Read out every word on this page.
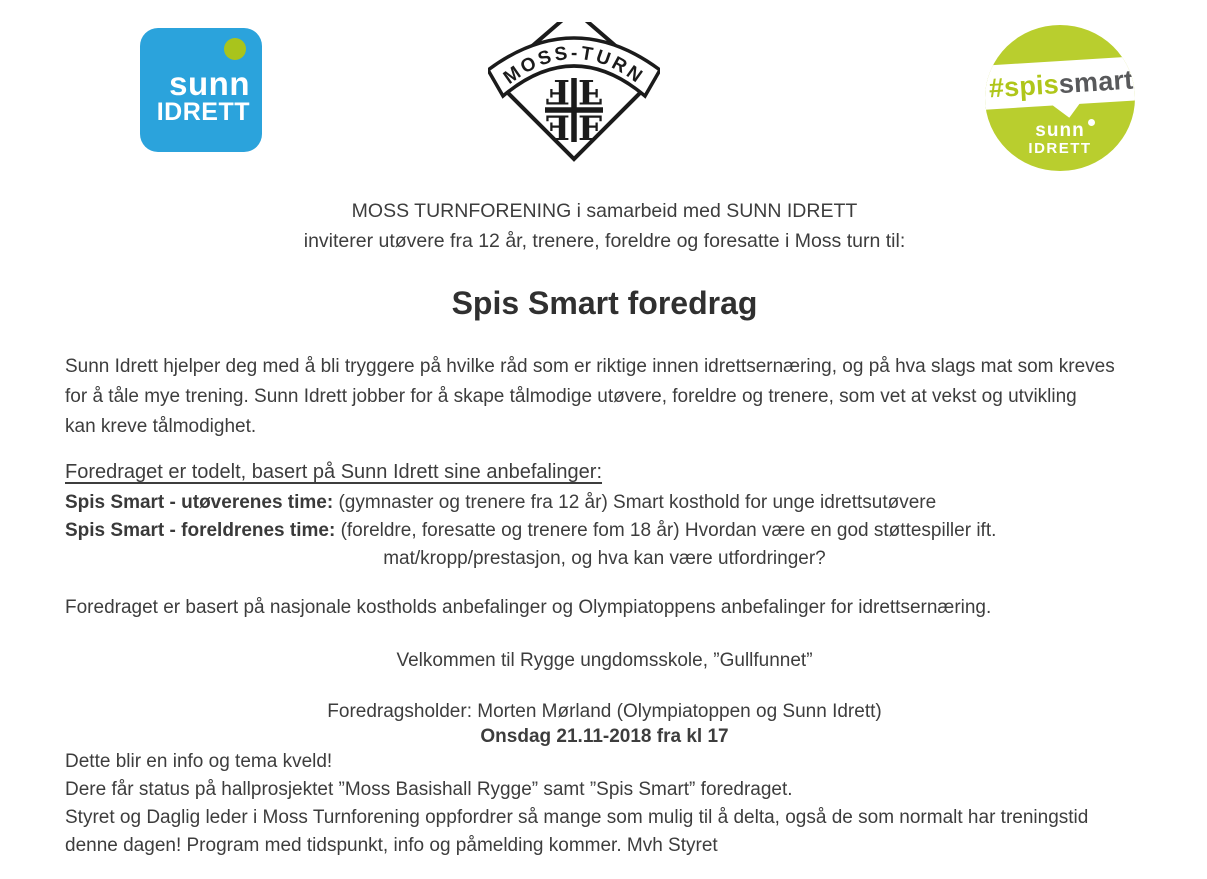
sunn
IDRETT
MOSS-TURN
F
F
F
F	#spissmart
sunn
IDRETT
MOSS TURNFORENING i samarbeid med SUNN IDRETT
inviterer utøvere fra 12 år, trenere, foreldre og foresatte i Moss turn til:
Spis Smart foredrag
Sunn Idrett hjelper deg med å bli tryggere på hvilke råd som er riktige innen idrettsernæring, og på hva slags mat som kreves
for å tåle mye trening. Sunn Idrett jobber for å skape tålmodige utøvere, foreldre og trenere, som vet at vekst og utvikling
kan kreve tålmodighet.
Foredraget er todelt, basert på Sunn Idrett sine anbefalinger:
Spis Smart - utøverenes time: (gymnaster og trenere fra 12 år) Smart kosthold for unge idrettsutøvere
Spis Smart - foreldrenes time: (foreldre, foresatte og trenere fom 18 år) Hvordan være en god støttespiller ift.
mat/kropp/prestasjon, og hva kan være utfordringer?
Foredraget er basert på nasjonale kostholds anbefalinger og Olympiatoppens anbefalinger for idrettsernæring.
Velkommen til Rygge ungdomsskole, ”Gullfunnet”
Foredragsholder: Morten Mørland (Olympiatoppen og Sunn Idrett)
Onsdag 21.11-2018 fra kl 17
Dette blir en info og tema kveld!
Dere får status på hallprosjektet ”Moss Basishall Rygge” samt ”Spis Smart” foredraget.
Styret og Daglig leder i Moss Turnforening oppfordrer så mange som mulig til å delta, også de som normalt har treningstid
denne dagen! Program med tidspunkt, info og påmelding kommer. Mvh Styret
